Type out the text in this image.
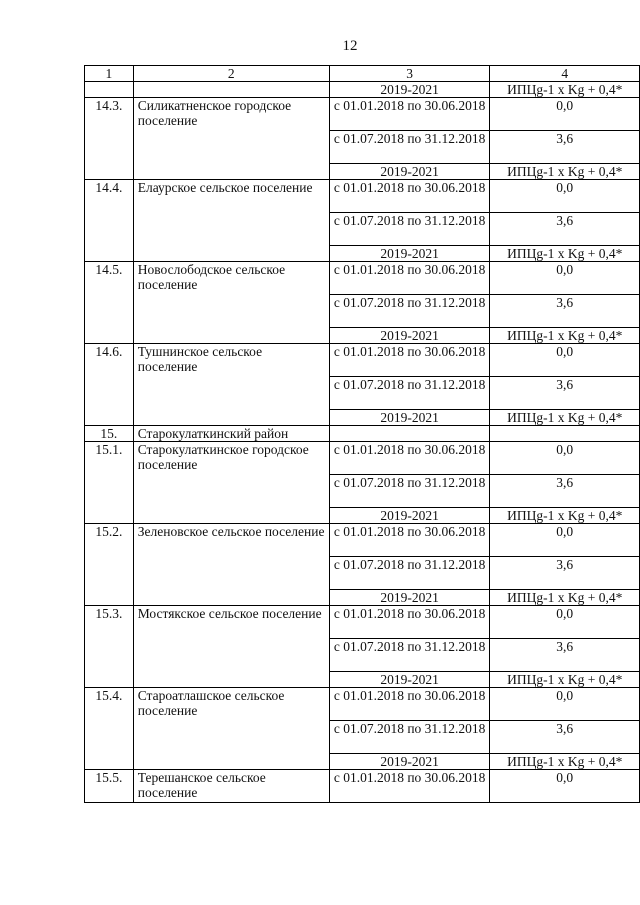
12
1	2	3	4
		2019-2021	ИПЦg-1 x Kg + 0,4*
14.3.	Силикатненское городское поселение	с 01.01.2018 по 30.06.2018	0,0
		с 01.07.2018 по 31.12.2018	3,6
		2019-2021	ИПЦg-1 x Kg + 0,4*
14.4.	Елаурское сельское поселение	с 01.01.2018 по 30.06.2018	0,0
		с 01.07.2018 по 31.12.2018	3,6
		2019-2021	ИПЦg-1 x Kg + 0,4*
14.5.	Новослободское сельское поселение	с 01.01.2018 по 30.06.2018	0,0
		с 01.07.2018 по 31.12.2018	3,6
		2019-2021	ИПЦg-1 x Kg + 0,4*
14.6.	Тушнинское сельское поселение	с 01.01.2018 по 30.06.2018	0,0
		с 01.07.2018 по 31.12.2018	3,6
		2019-2021	ИПЦg-1 x Kg + 0,4*
15.	Старокулаткинский район		
15.1.	Старокулаткинское городское поселение	с 01.01.2018 по 30.06.2018	0,0
		с 01.07.2018 по 31.12.2018	3,6
		2019-2021	ИПЦg-1 x Kg + 0,4*
15.2.	Зеленовское сельское поселение	с 01.01.2018 по 30.06.2018	0,0
		с 01.07.2018 по 31.12.2018	3,6
		2019-2021	ИПЦg-1 x Kg + 0,4*
15.3.	Мостякское сельское поселение	с 01.01.2018 по 30.06.2018	0,0
		с 01.07.2018 по 31.12.2018	3,6
		2019-2021	ИПЦg-1 x Kg + 0,4*
15.4.	Староатлашское сельское поселение	с 01.01.2018 по 30.06.2018	0,0
		с 01.07.2018 по 31.12.2018	3,6
		2019-2021	ИПЦg-1 x Kg + 0,4*
15.5.	Терешанское сельское поселение	с 01.01.2018 по 30.06.2018	0,0
